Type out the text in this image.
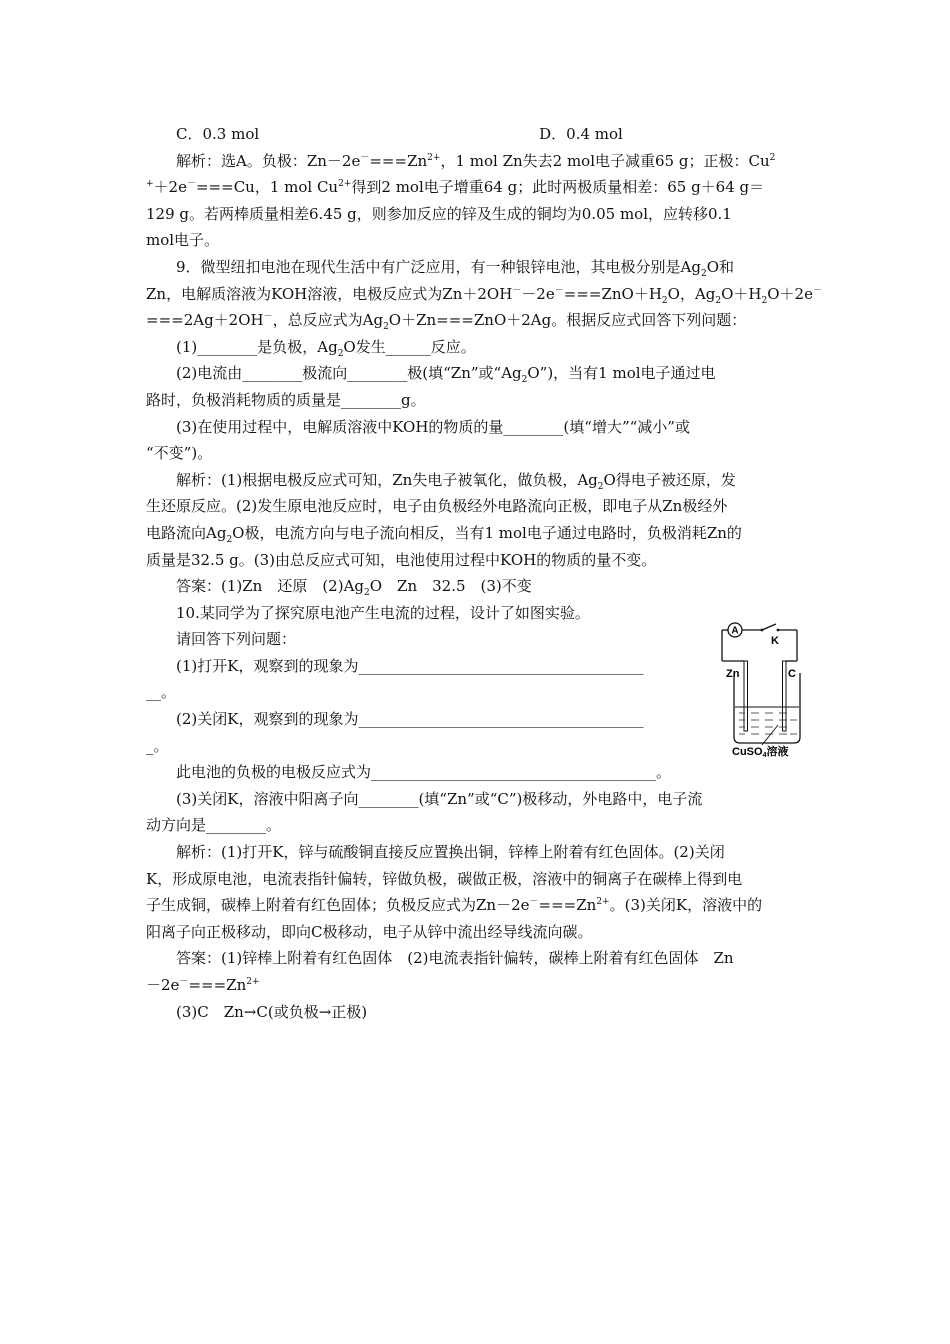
C．0.3 mol	D．0.4 mol
解析：选A。负极：$Zn-2e^-===Zn^{2+}$，1 mol Zn失去2 mol电子减重65 g；正极：Cu$^2$
+＋2e－===Cu，1 mol $Cu^{2+}$得到2 mol电子增重64 g；此时两极质量相差：65 g＋64 g＝
129 g。若两棒质量相差6.45 g，则参加反应的锌及生成的铜均为0.05 mol，应转移0.1
mol电子。
9．微型纽扣电池在现代生活中有广泛应用，有一种银锌电池，其电极分别是$Ag_2O$和
Zn，电解质溶液为KOH溶液，电极反应式为$Zn+2OH^--2e^-===ZnO+H_2O$，$Ag_2O+H_2O+2e^-$
===2Ag＋2OH－，总反应式为$Ag_2O+Zn===ZnO+2Ag$。根据反应式回答下列问题：
(1)________是负极，$Ag_2O$发生______反应。
(2)电流由________极流向________极(填“Zn”或“$Ag_2O$”)，当有1 mol电子通过电
路时，负极消耗物质的质量是________g。
(3)在使用过程中，电解质溶液中KOH的物质的量________(填“增大”“减小”或
“不变”)。
解析：(1)根据电极反应式可知，Zn失电子被氧化，做负极，$Ag_2O$得电子被还原，发
生还原反应。(2)发生原电池反应时，电子由负极经外电路流向正极，即电子从Zn极经外
电路流向$Ag_2O$极，电流方向与电子流向相反，当有1 mol电子通过电路时，负极消耗Zn的
质量是32.5 g。(3)由总反应式可知，电池使用过程中KOH的物质的量不变。
答案：(1)Zn　还原　$(2)Ag_2O$　Zn　32.5　(3)不变
10.某同学为了探究原电池产生电流的过程，设计了如图实验。
请回答下列问题：
(1)打开K，观察到的现象为______________________________________
__。
(2)关闭K，观察到的现象为______________________________________
_。
此电池的负极的电极反应式为______________________________________。
(3)关闭K，溶液中阳离子向________(填“Zn”或“C”)极移动，外电路中，电子流
动方向是________。
解析：(1)打开K，锌与硫酸铜直接反应置换出铜，锌棒上附着有红色固体。(2)关闭
K，形成原电池，电流表指针偏转，锌做负极，碳做正极，溶液中的铜离子在碳棒上得到电
子生成铜，碳棒上附着有红色固体；负极反应式为$Zn-2e^-===Zn^{2+}$。(3)关闭K，溶液中的
阳离子向正极移动，即向C极移动，电子从锌中流出经导线流向碳。
答案：(1)锌棒上附着有红色固体　(2)电流表指针偏转，碳棒上附着有红色固体　Zn
$-2e^-===Zn^{2+}$
(3)C　Zn→C(或负极→正极)
A
K
Zn	C
CuSO4溶液
